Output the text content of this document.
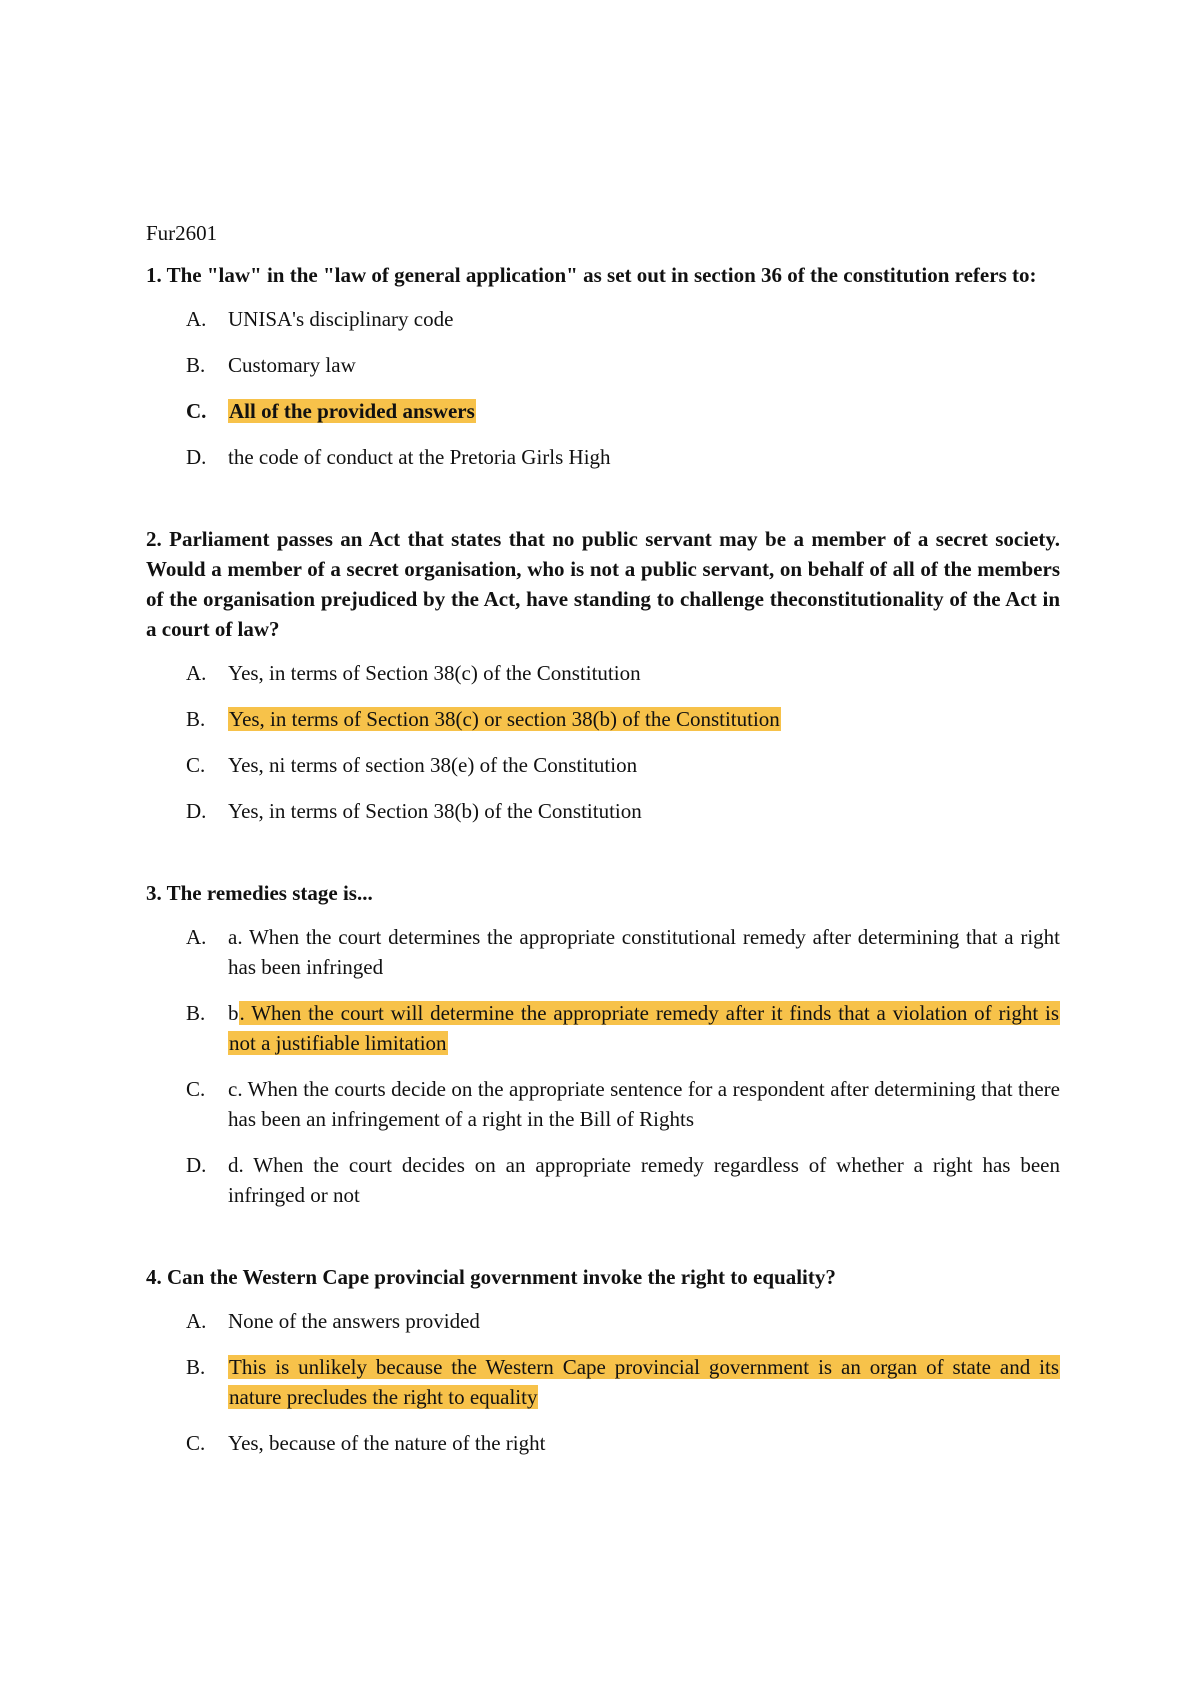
Fur2601

1. The "law" in the "law of general application" as set out in section 36 of the constitution refers to:

A.	UNISA's disciplinary code
B.	Customary law
C.	All of the provided answers
D.	the code of conduct at the Pretoria Girls High

2. Parliament passes an Act that states that no public servant may be a member of a secret society. Would a member of a secret organisation, who is not a public servant, on behalf of all of the members of the organisation prejudiced by the Act, have standing to challenge theconstitutionality of the Act in a court of law?

A.	Yes, in terms of Section 38(c) of the Constitution
B.	Yes, in terms of Section 38(c) or section 38(b) of the Constitution
C.	Yes, ni terms of section 38(e) of the Constitution
D.	Yes, in terms of Section 38(b) of the Constitution

3. The remedies stage is...

A.	a. When the court determines the appropriate constitutional remedy after determining that a right has been infringed
B.	b. When the court will determine the appropriate remedy after it finds that a violation of right is not a justifiable limitation
C.	c. When the courts decide on the appropriate sentence for a respondent after determining that there has been an infringement of a right in the Bill of Rights
D.	d. When the court decides on an appropriate remedy regardless of whether a right has been infringed or not

4. Can the Western Cape provincial government invoke the right to equality?

A.	None of the answers provided
B.	This is unlikely because the Western Cape provincial government is an organ of state and its nature precludes the right to equality
C.	Yes, because of the nature of the right
